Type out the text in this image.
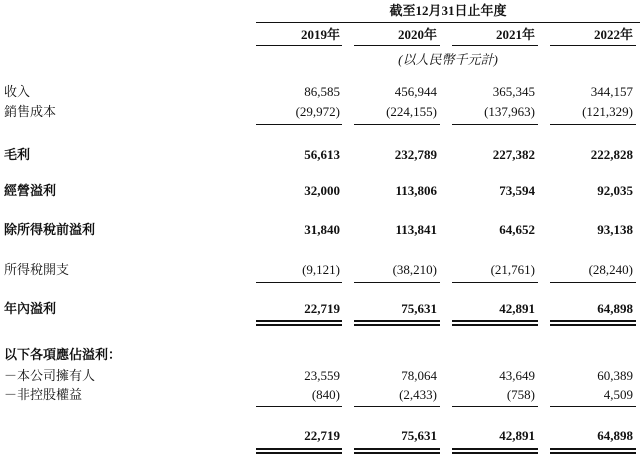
截至12月31日止年度
2019年	2020年	2021年	2022年
(以人民幣千元計)
收入	86,585	456,944	365,345	344,157
銷售成本	(29,972)	(224,155)	(137,963)	(121,329)
毛利	56,613	232,789	227,382	222,828
經營溢利	32,000	113,806	73,594	92,035
除所得稅前溢利	31,840	113,841	64,652	93,138
所得稅開支	(9,121)	(38,210)	(21,761)	(28,240)
年內溢利	22,719	75,631	42,891	64,898
以下各項應佔溢利：
－本公司擁有人	23,559	78,064	43,649	60,389
－非控股權益	(840)	(2,433)	(758)	4,509
22,719	75,631	42,891	64,898
